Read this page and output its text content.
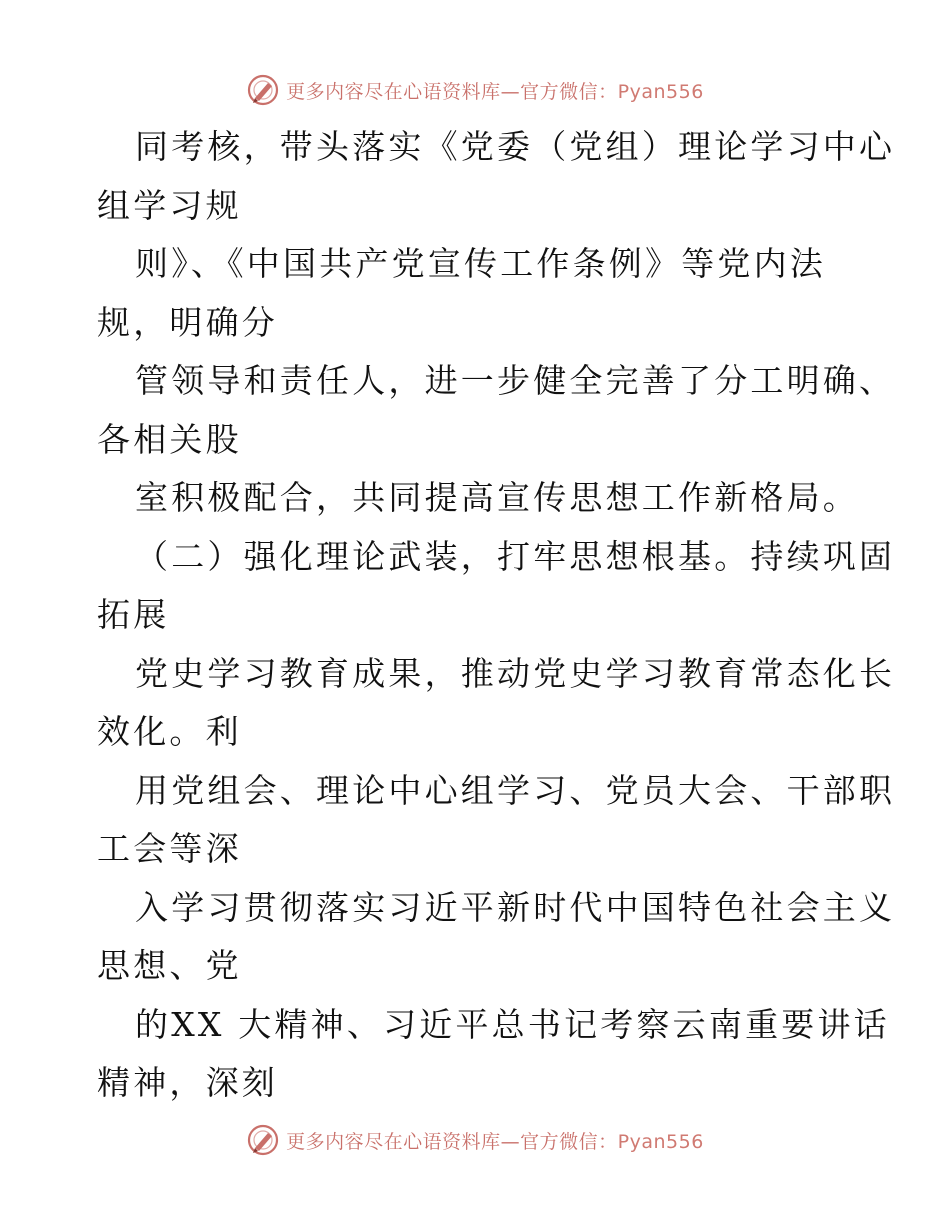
更多内容尽在心语资料库—官方微信：Pyan556
同考核，带头落实《党委（党组）理论学习中心
组学习规
则》、《中国共产党宣传工作条例》等党内法
规，明确分
管领导和责任人，进一步健全完善了分工明确、
各相关股
室积极配合，共同提高宣传思想工作新格局。
（二）强化理论武装，打牢思想根基。持续巩固
拓展
党史学习教育成果，推动党史学习教育常态化长
效化。利
用党组会、理论中心组学习、党员大会、干部职
工会等深
入学习贯彻落实习近平新时代中国特色社会主义
思想、党
的XX 大精神、习近平总书记考察云南重要讲话
精神，深刻
更多内容尽在心语资料库—官方微信：Pyan556
